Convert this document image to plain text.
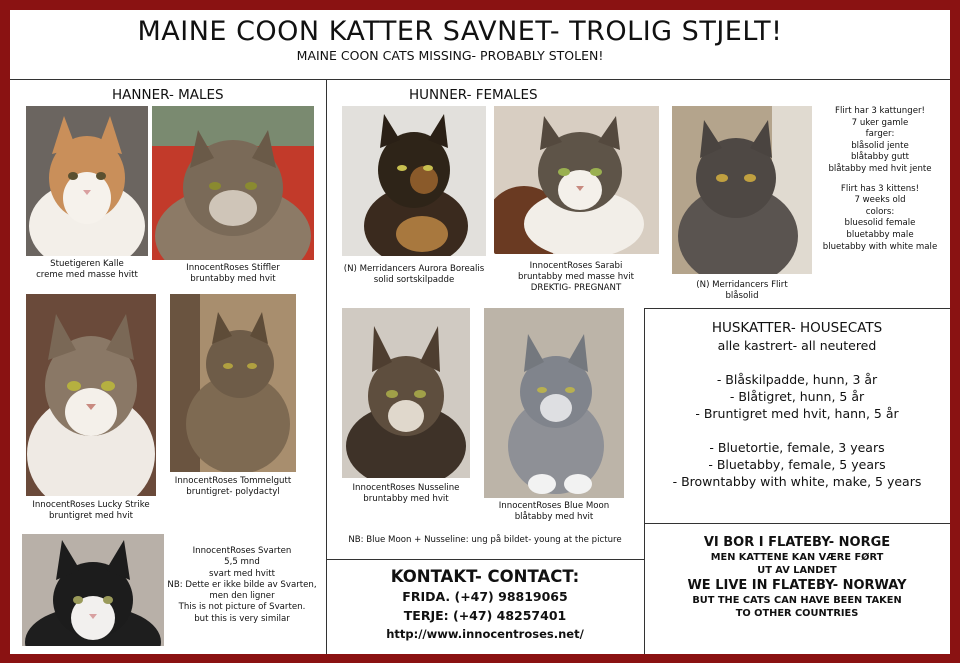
MAINE COON KATTER SAVNET- TROLIG STJELT!
MAINE COON CATS MISSING- PROBABLY STOLEN!
HANNER- MALES	HUNNER- FEMALES
Stuetigeren Kalle
creme med masse hvitt
InnocentRoses Stiffler
bruntabby med hvit
InnocentRoses Lucky Strike
bruntigret med hvit
InnocentRoses Tommelgutt
bruntigret- polydactyl
InnocentRoses Svarten
5,5 mnd
svart med hvitt
NB: Dette er ikke bilde av Svarten,
men den ligner
This is not picture of Svarten.
but this is very similar
(N) Merridancers Aurora Borealis
solid sortskilpadde
InnocentRoses Sarabi
bruntabby med masse hvit
DREKTIG- PREGNANT	(N) Merridancers Flirt
blåsolid
Flirt har 3 kattunger!
7 uker gamle
farger:
blåsolid jente
blåtabby gutt
blåtabby med hvit jente
Flirt has 3 kittens!
7 weeks old
colors:
bluesolid female
bluetabby male
bluetabby with white male
InnocentRoses Nusseline
bruntabby med hvit
InnocentRoses Blue Moon
blåtabby med hvit
NB: Blue Moon + Nusseline: ung på bildet- young at the picture
HUSKATTER- HOUSECATS
alle kastrert- all neutered
- Blåskilpadde, hunn, 3 år
- Blåtigret, hunn, 5 år
- Bruntigret med hvit, hann, 5 år
- Bluetortie, female, 3 years
- Bluetabby, female, 5 years
- Browntabby with white, make, 5 years
KONTAKT- CONTACT:
FRIDA. (+47) 98819065
TERJE: (+47) 48257401
http://www.innocentroses.net/
VI BOR I FLATEBY- NORGE
MEN KATTENE KAN VÆRE FØRT
UT AV LANDET
WE LIVE IN FLATEBY- NORWAY
BUT THE CATS CAN HAVE BEEN TAKEN
TO OTHER COUNTRIES
